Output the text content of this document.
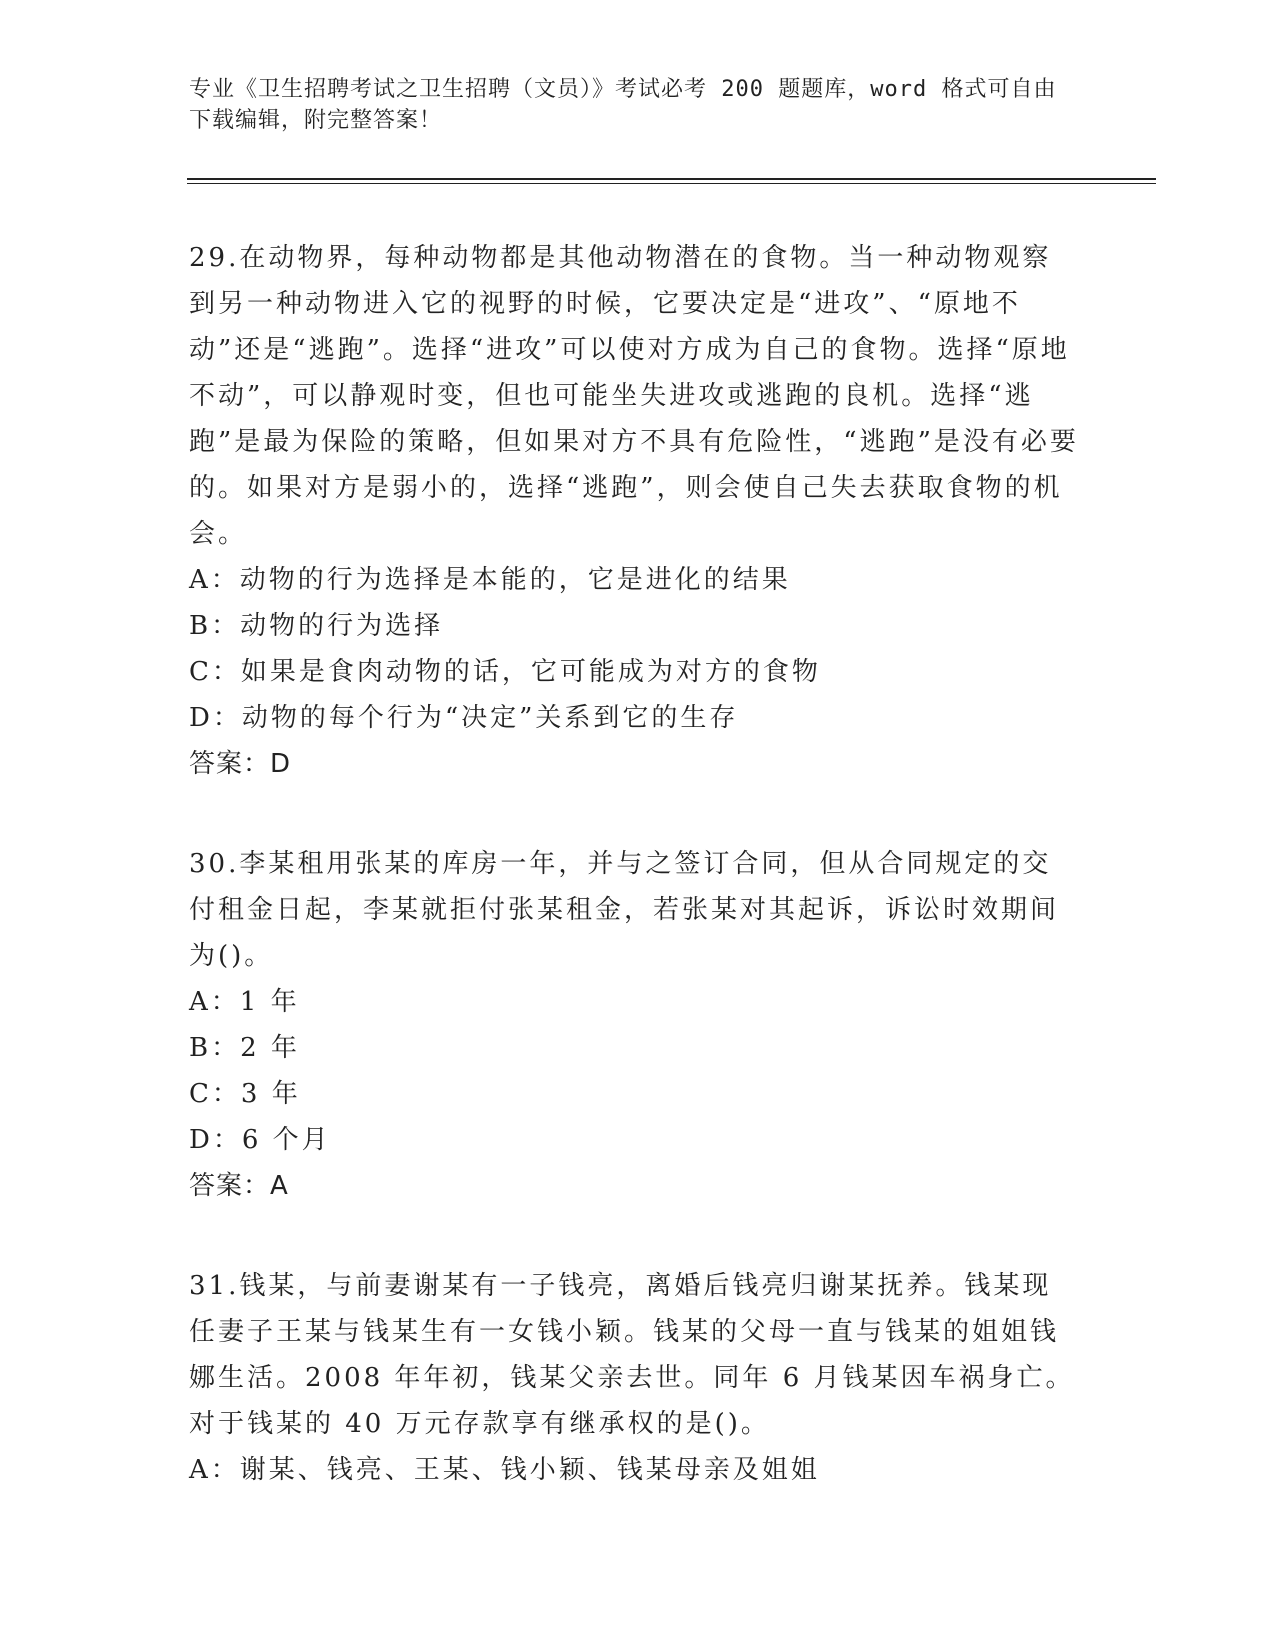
专业《卫生招聘考试之卫生招聘（文员）》考试必考 200 题题库，word 格式可自由下载编辑，附完整答案！
29.在动物界，每种动物都是其他动物潜在的食物。当一种动物观察到另一种动物进入它的视野的时候，它要决定是“进攻”、“原地不动”还是“逃跑”。选择“进攻”可以使对方成为自己的食物。选择“原地不动”，可以静观时变，但也可能坐失进攻或逃跑的良机。选择“逃跑”是最为保险的策略，但如果对方不具有危险性，“逃跑”是没有必要的。如果对方是弱小的，选择“逃跑”，则会使自己失去获取食物的机会。
A：动物的行为选择是本能的，它是进化的结果
B：动物的行为选择
C：如果是食肉动物的话，它可能成为对方的食物
D：动物的每个行为“决定”关系到它的生存
答案：D
30.李某租用张某的库房一年，并与之签订合同，但从合同规定的交付租金日起，李某就拒付张某租金，若张某对其起诉，诉讼时效期间为()。
A：1 年
B：2 年
C：3 年
D：6 个月
答案：A
31.钱某，与前妻谢某有一子钱亮，离婚后钱亮归谢某抚养。钱某现任妻子王某与钱某生有一女钱小颖。钱某的父母一直与钱某的姐姐钱娜生活。2008 年年初，钱某父亲去世。同年 6 月钱某因车祸身亡。对于钱某的 40 万元存款享有继承权的是()。
A：谢某、钱亮、王某、钱小颖、钱某母亲及姐姐
